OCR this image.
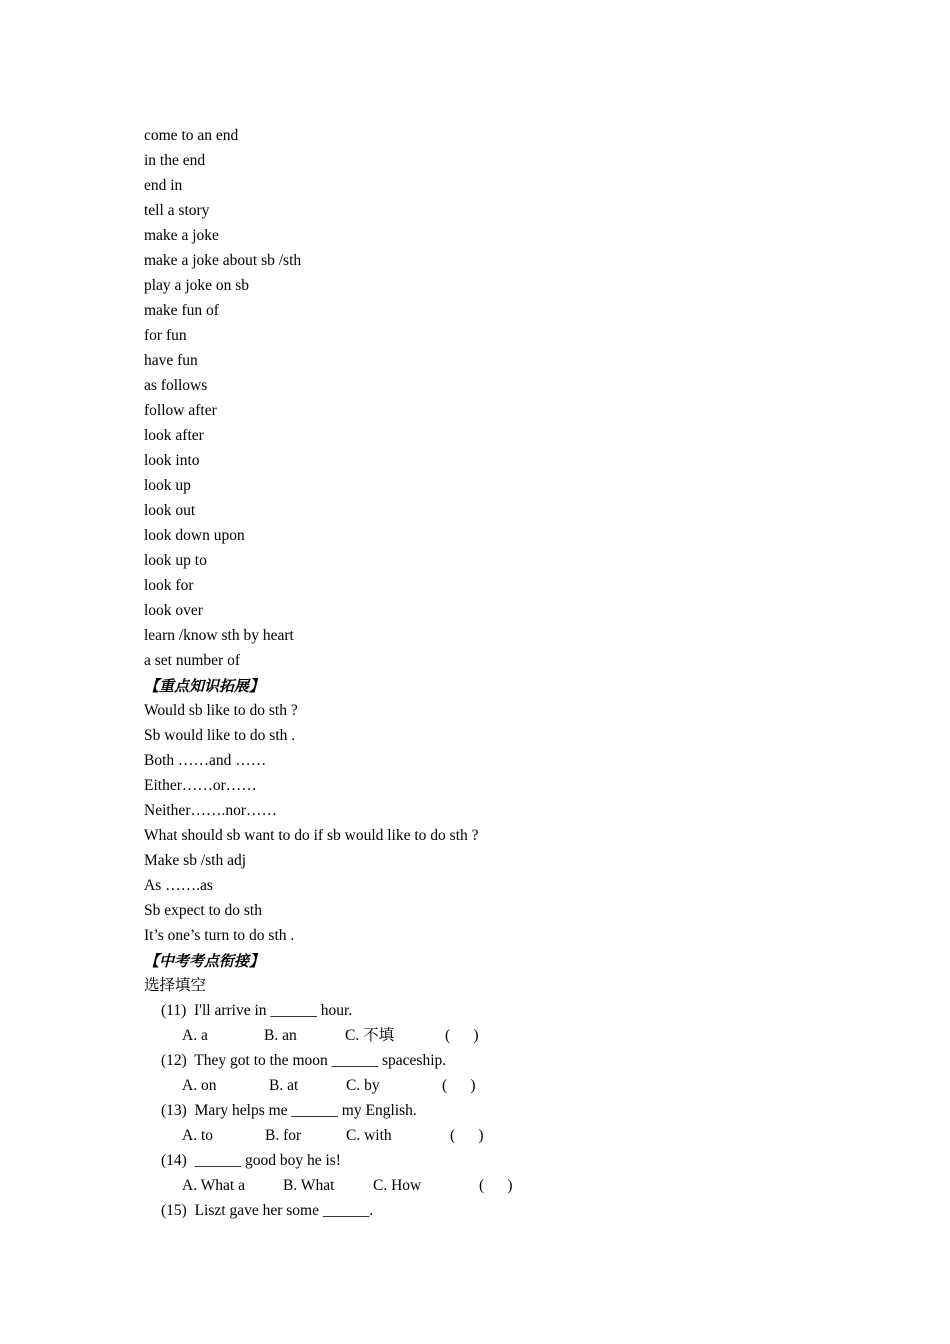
come to an end
in the end
end in
tell a story
make a joke
make a joke about sb /sth
play a joke on sb
make fun of
for fun
have fun
as follows
follow after
look after
look into
look up
look out
look down upon
look up to
look for
look over
learn /know sth by heart
a set number of
【重点知识拓展】
Would sb like to do sth ?
Sb would like to do sth .
Both ……and ……
Either……or……
Neither…….nor……
What should sb want to do if sb would like to do sth ?
Make sb /sth adj
As …….as
Sb expect to do sth
It’s one’s turn to do sth .
【中考考点衔接】
选择填空
(11)  I'll arrive in ______ hour.
A. a	B. an	C. 不填	(      )
(12)  They got to the moon ______ spaceship.
A. on	B. at	C. by	(      )
(13)  Mary helps me ______ my English.
A. to	B. for	C. with	(      )
(14)  ______ good boy he is!
A. What a B. What C. How	(      )
(15)  Liszt gave her some ______.
